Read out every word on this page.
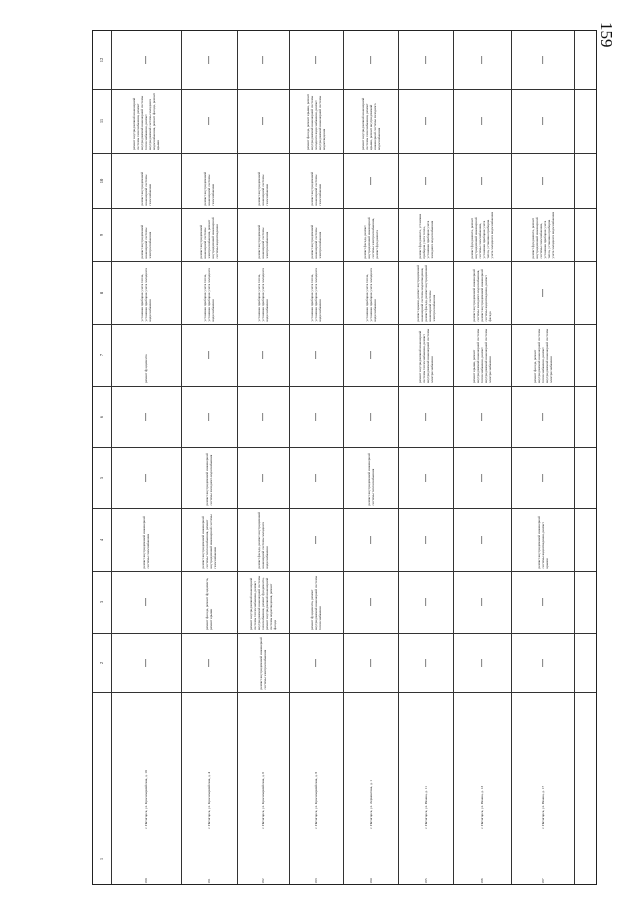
159
1
2
3
4
5
6
7
8
9
10
11
12
160
г. Пятигорск, ул. Красноармейская, д. 10
—
ремонт внутридомовой инженерной системы газоснабжения, ремонт внутридомовой инженерной системы теплоснабжения, ремонт внутридомовой системы холодного водоснабжения, ремонт фасада, ремонт крыши
ремонт внутридомовой инженерной системы газоснабжения
ремонт внутридомовой инженерной системы электроснабжения
установка приборов учета тепла, установка приборов учета холодного водоснабжения
ремонт фундамента
—
—
ремонт внутридомовой инженерной системы газоснабжения
—
—
161
г. Пятигорск, ул. Красноармейская, д. 4
—
—
ремонт внутридомовой инженерной системы газоснабжения
ремонт внутридомовой инженерной системы электроснабжения, ремонт внутридомовой инженерной системы водоотведения
установка приборов учета тепла, установка приборов учета холодного водоснабжения
—
—
ремонт внутридомовой инженерной системы холодного водоснабжения
ремонт внутридомовой инженерной системы теплоснабжения, ремонт внутридомовой инженерной системы газоснабжения
ремонт фасада, ремонт фундамента, ремонт крыши
—
162
г. Пятигорск, ул. Красноармейская, д. 6
—
—
ремонт внутридомовой инженерной системы газоснабжения
ремонт внутридомовой инженерной системы электроснабжения
установка приборов учета тепла, установка приборов учета холодного водоснабжения
—
—
—
ремонт фасада, ремонт внутридомовой инженерной системы холодного водоснабжения
ремонт внутридомовой инженерной системы теплоснабжения, ремонт внутридомовой инженерной системы газоснабжения, ремонт фундамента, ремонт внутридомовой инженерной системы водоотведения, ремонт фасада
ремонт внутридомовой инженерной системы электроснабжения
163
г. Пятигорск, ул. Красноармейская, д. 8
—
ремонт фасада, ремонт крыши, ремонт внутридомовой инженерной системы холодного водоснабжения, ремонт внутридомовой инженерной системы водоотведения
ремонт внутридомовой инженерной системы газоснабжения
ремонт внутридомовой инженерной системы электроснабжения
установка приборов учета тепла, установка приборов учета холодного водоснабжения
—
—
—
—
ремонт фундамента, ремонт внутридомовой инженерной системы теплоснабжения
—
164
г. Пятигорск, ул. Лермонтова, д. 1
—
ремонт внутридомовой инженерной системы газоснабжения, ремонт крыши, ремонт внутридомовой инженерной системы холодного водоснабжения
—
ремонт фасада, ремонт внутридомовой инженерной системы электроснабжения, ремонт фундамента
установка приборов учета тепла, установка приборов учета холодного водоснабжения
—
—
ремонт внутридомовой инженерной системы теплоснабжения
—
—
—
165
г. Пятигорск, ул. Нежна, д. 11
—
—
—
ремонт фундамента, установка приборов учета тепла, установка приборов учета холодного водоснабжения
ремонт крыши, ремонт внутридомовой инженерной системы водоотведения, ремонт фасада, ремонт внутридомовой инженерной системы электроснабжения
ремонт внутридомовой инженерной системы теплоснабжения, ремонт внутридомовой инженерной системы электроснабжения
—
—
—
—
—
166
г. Пятигорск, ул. Нежна, д. 13
—
—
—
ремонт фундамента, ремонт внутридомовой инженерной системы газоснабжения, установка приборов учета тепла, установка приборов учета холодного водоснабжения
ремонт внутридомовой инженерной системы холодного водоснабжения, ремонт внутридомовой инженерной системы водоотведения, ремонт фасада
ремонт крыши, ремонт внутридомовой инженерной системы теплоснабжения, ремонт внутридомовой инженерной системы электроснабжения
—
—
—
—
—
167
г. Пятигорск, ул. Нежна, д. 17
—
—
—
ремонт фундамента, ремонт внутридомовой инженерной системы газоснабжения, установка приборов учета тепла, установка приборов учета холодного водоснабжения
—
ремонт фасада, ремонт внутридомовой инженерной системы теплоснабжения, ремонт внутридомовой инженерной системы электроснабжения
—
—
ремонт внутридомовой инженерной системы водоотведения, ремонт крыши
—
—
